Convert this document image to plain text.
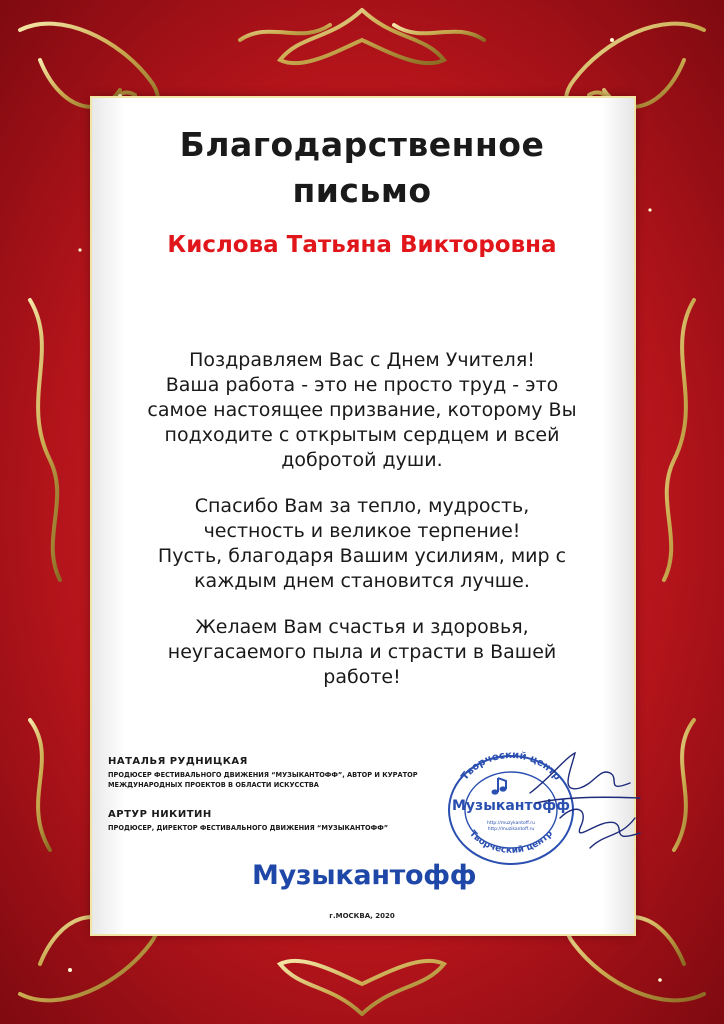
Благодарственное
письмо
Кислова Татьяна Викторовна

Поздравляем Вас с Днем Учителя!
Ваша работа - это не просто труд - это
самое настоящее призвание, которому Вы
подходите с открытым сердцем и всей
добротой души.

Спасибо Вам за тепло, мудрость,
честность и великое терпение!
Пусть, благодаря Вашим усилиям, мир с
каждым днем становится лучше.

Желаем Вам счастья и здоровья,
неугасаемого пыла и страсти в Вашей
работе!

НАТАЛЬЯ РУДНИЦКАЯ
ПРОДЮСЕР ФЕСТИВАЛЬНОГО ДВИЖЕНИЯ “МУЗЫКАНТОФФ”, АВТОР И КУРАТОР
МЕЖДУНАРОДНЫХ ПРОЕКТОВ В ОБЛАСТИ ИСКУССТВА
АРТУР НИКИТИН
ПРОДЮСЕР, ДИРЕКТОР ФЕСТИВАЛЬНОГО ДВИЖЕНИЯ “МУЗЫКАНТОФФ”
Творческий центр
Творческий центр
Музыкантофф
http://muzykantoff.ru
http://muzikantoff.ru
Музыкантофф
г.МОСКВА, 2020
